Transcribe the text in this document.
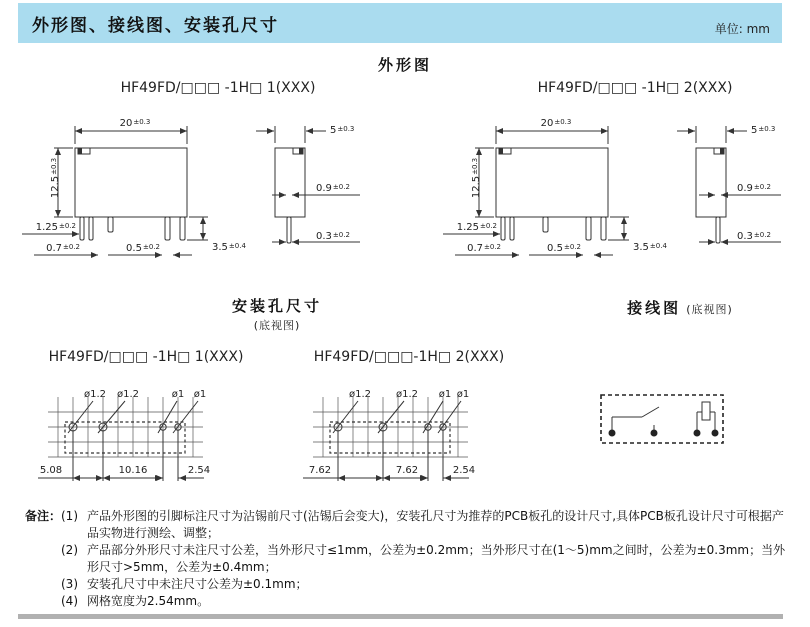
外形图、接线图、安装孔尺寸	单位: mm
外形图
HF49FD/□□□ -1H□ 1(XXX)	HF49FD/□□□ -1H□ 2(XXX)
$20^{\pm 0.3}$
$12.5^{\pm 0.3}$
$1.25^{\pm 0.2}$
$0.7^{\pm 0.2}$	$0.5^{\pm 0.2}$	$3.5^{\pm 0.4}$
$5^{\pm 0.3}$
$0.9^{\pm 0.2}$
$0.3^{\pm 0.2}$
$20^{\pm 0.3}$
$12.5^{\pm 0.3}$
$1.25^{\pm 0.2}$
$0.7^{\pm 0.2}$	$0.5^{\pm 0.2}$	$3.5^{\pm 0.4}$
$5^{\pm 0.3}$
$0.9^{\pm 0.2}$
$0.3^{\pm 0.2}$
安装孔尺寸
(底视图)
接线图 (底视图)
HF49FD/□□□ -1H□ 1(XXX)	HF49FD/□□□-1H□ 2(XXX)
ø1.2	ø1.2	ø1 ø1
5.08	10.16	2.54
ø1.2	ø1.2	ø1 ø1
7.62	7.62	2.54
备注： (1) 产品外形图的引脚标注尺寸为沾锡前尺寸(沾锡后会变大)，安装孔尺寸为推荐的PCB板孔的设计尺寸,具体PCB板孔设计尺寸可根据产品实物进行测绘、调整；
(2) 产品部分外形尺寸未注尺寸公差，当外形尺寸≤1mm，公差为±0.2mm；当外形尺寸在(1～5)mm之间时，公差为±0.3mm；当外形尺寸>5mm，公差为±0.4mm；
(3) 安装孔尺寸中未注尺寸公差为±0.1mm；
(4) 网格宽度为2.54mm。
